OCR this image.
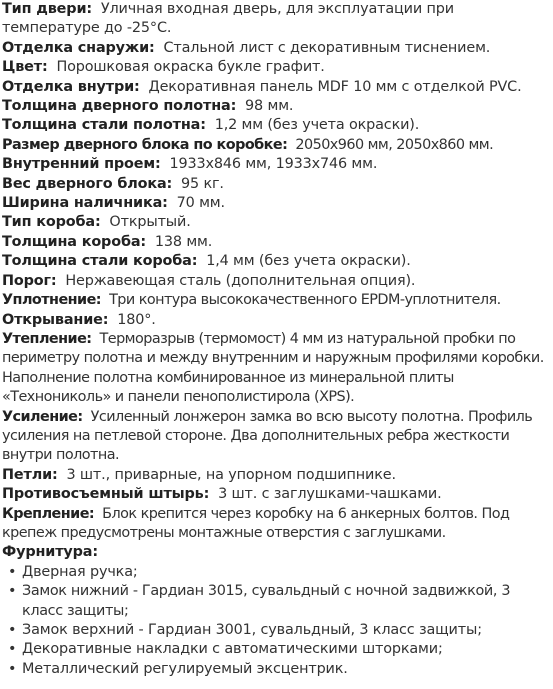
Тип двери: Уличная входная дверь, для эксплуатации при температуре до -25°C.

Отделка снаружи: Стальной лист с декоративным тиснением.

Цвет: Порошковая окраска букле графит.

Отделка внутри: Декоративная панель MDF 10 мм с отделкой PVC.

Толщина дверного полотна: 98 мм.

Толщина стали полотна: 1,2 мм (без учета окраски).

Размер дверного блока по коробке: 2050х960 мм, 2050х860 мм.

Внутренний проем: 1933х846 мм, 1933х746 мм.

Вес дверного блока: 95 кг.

Ширина наличника: 70 мм.

Тип короба: Открытый.

Толщина короба: 138 мм.

Толщина стали короба: 1,4 мм (без учета окраски).

Порог: Нержавеющая сталь (дополнительная опция).

Уплотнение: Три контура высококачественного EPDM-уплотнителя.

Открывание: 180°.

Утепление: Терморазрыв (термомост) 4 мм из натуральной пробки по периметру полотна и между внутренним и наружным профилями коробки. Наполнение полотна комбинированное из минеральной плиты «Технониколь» и панели пенополистирола (XPS).

Усиление: Усиленный лонжерон замка во всю высоту полотна. Профиль усиления на петлевой стороне. Два дополнительных ребра жесткости внутри полотна.

Петли: 3 шт., приварные, на упорном подшипнике.

Противосъемный штырь: 3 шт. с заглушками-чашками.

Крепление: Блок крепится через коробку на 6 анкерных болтов. Под крепеж предусмотрены монтажные отверстия с заглушками.

Фурнитура:

• Дверная ручка;
• Замок нижний - Гардиан 3015, сувальдный с ночной задвижкой, 3 класс защиты;
• Замок верхний - Гардиан 3001, сувальдный, 3 класс защиты;
• Декоративные накладки с автоматическими шторками;
• Металлический регулируемый эксцентрик.
